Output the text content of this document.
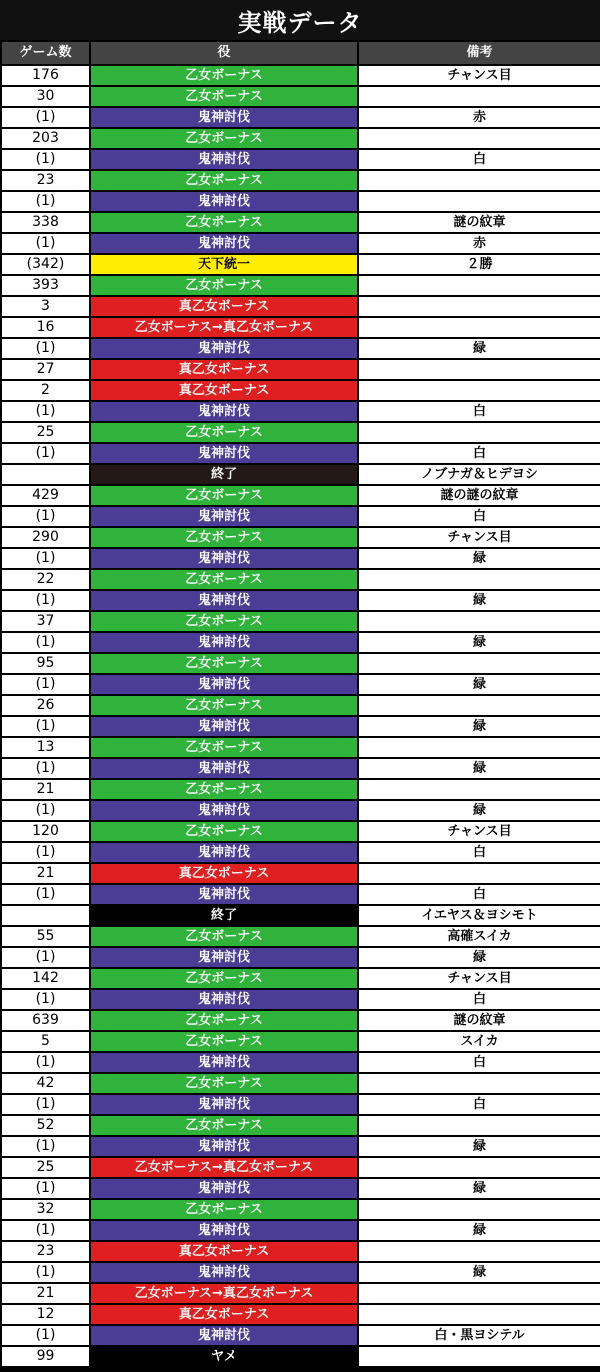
実戦データ
ゲーム数	役	備考
176	乙女ボーナス	チャンス目
30	乙女ボーナス	
(1)	鬼神討伐	赤
203	乙女ボーナス	
(1)	鬼神討伐	白
23	乙女ボーナス	
(1)	鬼神討伐	
338	乙女ボーナス	謎の紋章
(1)	鬼神討伐	赤
(342)	天下統一	２勝
393	乙女ボーナス	
3	真乙女ボーナス	
16	乙女ボーナス→真乙女ボーナス	
(1)	鬼神討伐	緑
27	真乙女ボーナス	
2	真乙女ボーナス	
(1)	鬼神討伐	白
25	乙女ボーナス	
(1)	鬼神討伐	白
	終了	ノブナガ＆ヒデヨシ
429	乙女ボーナス	謎の謎の紋章
(1)	鬼神討伐	白
290	乙女ボーナス	チャンス目
(1)	鬼神討伐	緑
22	乙女ボーナス	
(1)	鬼神討伐	緑
37	乙女ボーナス	
(1)	鬼神討伐	緑
95	乙女ボーナス	
(1)	鬼神討伐	緑
26	乙女ボーナス	
(1)	鬼神討伐	緑
13	乙女ボーナス	
(1)	鬼神討伐	緑
21	乙女ボーナス	
(1)	鬼神討伐	緑
120	乙女ボーナス	チャンス目
(1)	鬼神討伐	白
21	真乙女ボーナス	
(1)	鬼神討伐	白
	終了	イエヤス＆ヨシモト
55	乙女ボーナス	高確スイカ
(1)	鬼神討伐	緑
142	乙女ボーナス	チャンス目
(1)	鬼神討伐	白
639	乙女ボーナス	謎の紋章
5	乙女ボーナス	スイカ
(1)	鬼神討伐	白
42	乙女ボーナス	
(1)	鬼神討伐	白
52	乙女ボーナス	
(1)	鬼神討伐	緑
25	乙女ボーナス→真乙女ボーナス	
(1)	鬼神討伐	緑
32	乙女ボーナス	
(1)	鬼神討伐	緑
23	真乙女ボーナス	
(1)	鬼神討伐	緑
21	乙女ボーナス→真乙女ボーナス	
12	真乙女ボーナス	
(1)	鬼神討伐	白・黒ヨシテル
99	ヤメ	
